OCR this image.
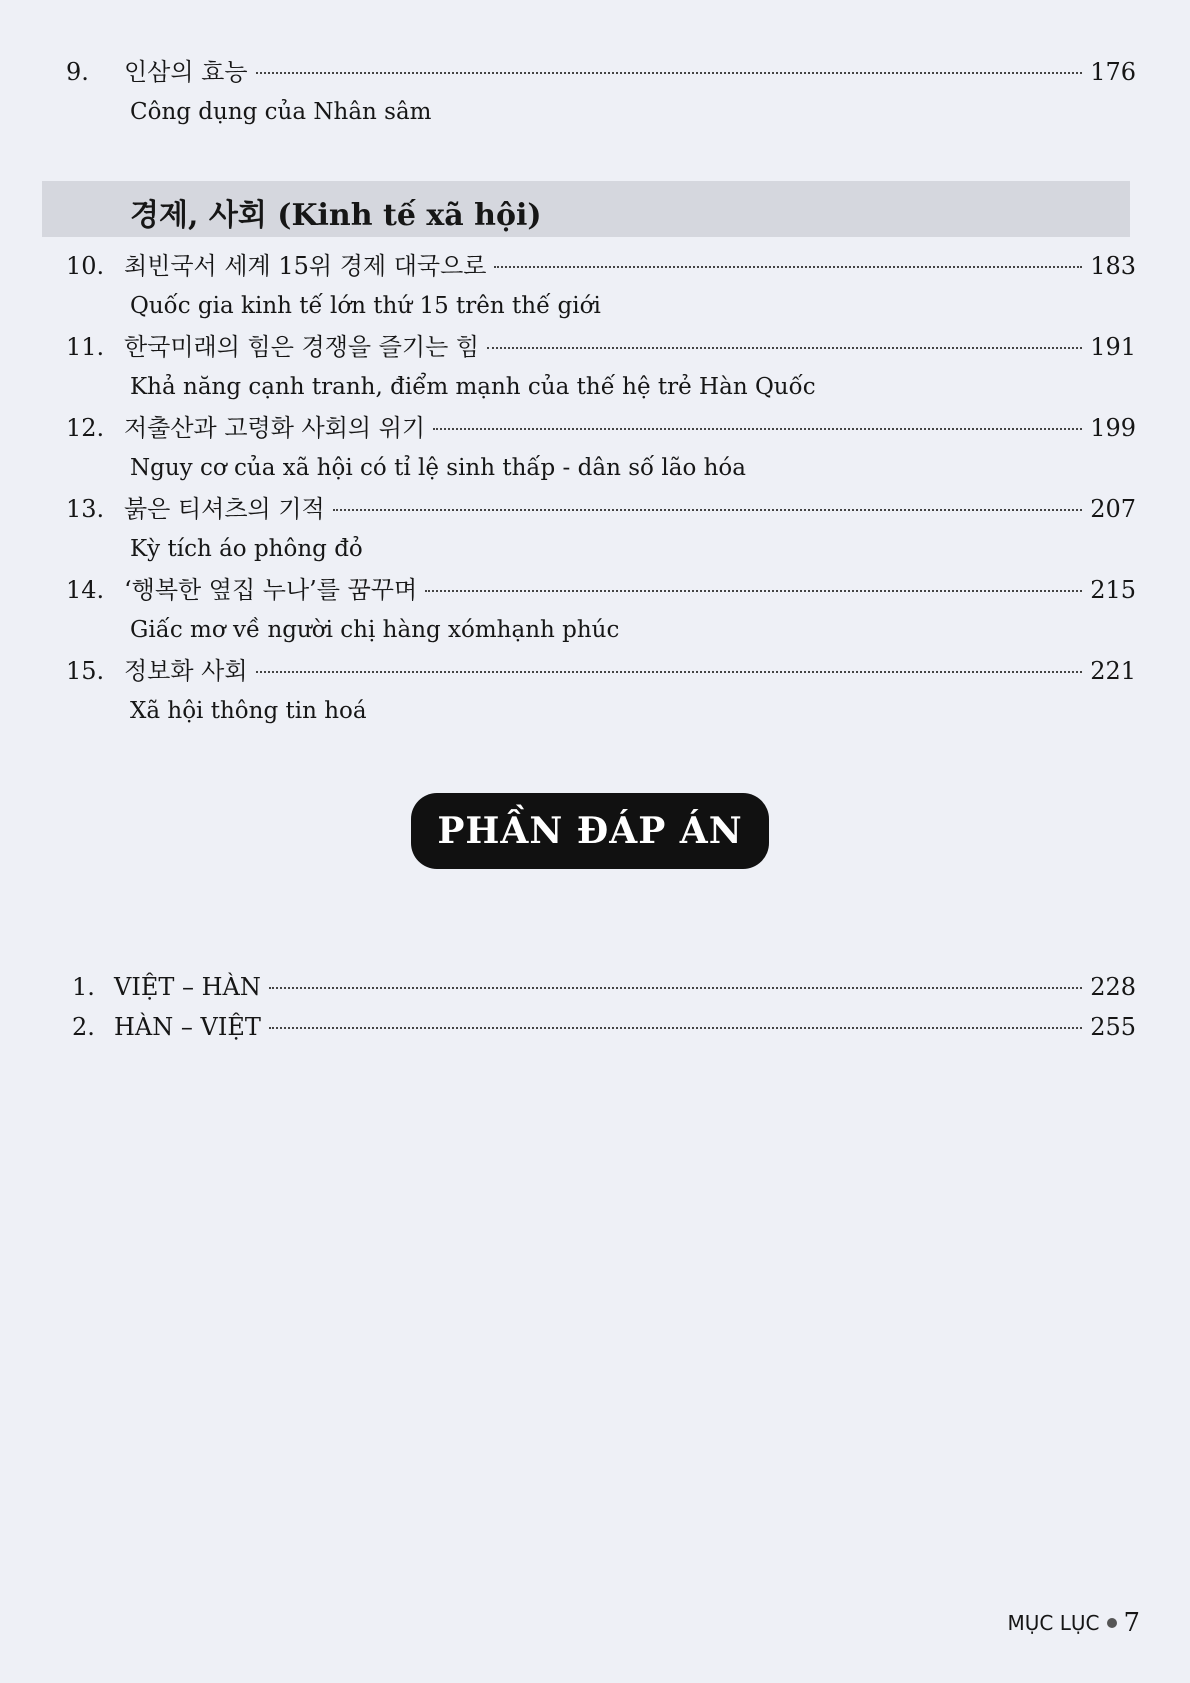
9.	인삼의 효능	176
Công dụng của Nhân sâm
경제, 사회 (Kinh tế xã hội)
10. 최빈국서 세계 15위 경제 대국으로	183
Quốc gia kinh tế lớn thứ 15 trên thế giới
11. 한국미래의 힘은 경쟁을 즐기는 힘	191
Khả năng cạnh tranh, điểm mạnh của thế hệ trẻ Hàn Quốc
12. 저출산과 고령화 사회의 위기	199
Nguy cơ của xã hội có tỉ lệ sinh thấp - dân số lão hóa
13. 붉은 티셔츠의 기적	207
Kỳ tích áo phông đỏ
14. ‘행복한 옆집 누나’를 꿈꾸며	215
Giấc mơ về người chị hàng xómhạnh phúc
15. 정보화 사회	221
Xã hội thông tin hoá
PHẦN ĐÁP ÁN
1. VIỆT – HÀN	228
2. HÀN – VIỆT	255
MỤC LỤC 7
